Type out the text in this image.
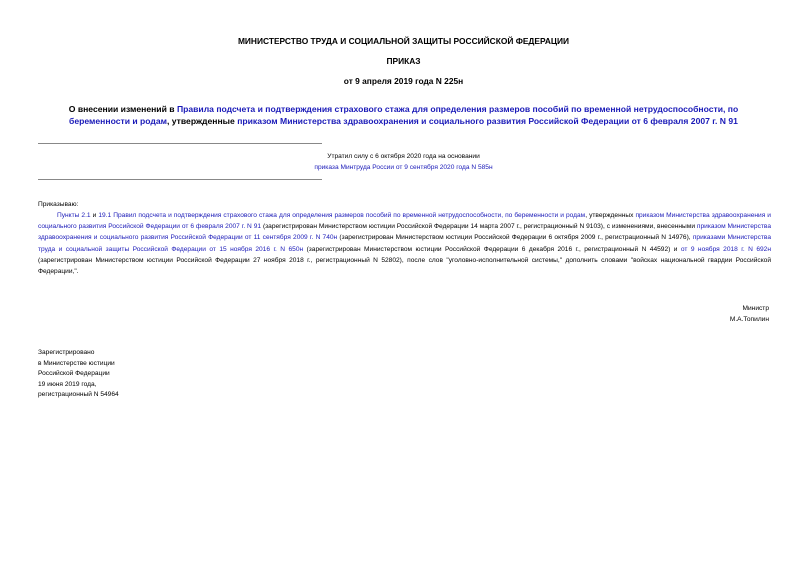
МИНИСТЕРСТВО ТРУДА И СОЦИАЛЬНОЙ ЗАЩИТЫ РОССИЙСКОЙ ФЕДЕРАЦИИ
ПРИКАЗ
от 9 апреля 2019 года N 225н
О внесении изменений в Правила подсчета и подтверждения страхового стажа для определения размеров пособий по временной нетрудоспособности, по беременности и родам, утвержденные приказом Министерства здравоохранения и социального развития Российской Федерации от 6 февраля 2007 г. N 91
Утратил силу с 6 октября 2020 года на основании
приказа Минтруда России от 9 сентября 2020 года N 585н
Приказываю:
Пункты 2.1 и 19.1 Правил подсчета и подтверждения страхового стажа для определения размеров пособий по временной нетрудоспособности, по беременности и родам, утвержденных приказом Министерства здравоохранения и социального развития Российской Федерации от 6 февраля 2007 г. N 91 (зарегистрирован Министерством юстиции Российской Федерации 14 марта 2007 г., регистрационный N 9103), с изменениями, внесенными приказом Министерства здравоохранения и социального развития Российской Федерации от 11 сентября 2009 г. N 740н (зарегистрирован Министерством юстиции Российской Федерации 6 октября 2009 г., регистрационный N 14976), приказами Министерства труда и социальной защиты Российской Федерации от 15 ноября 2016 г. N 650н (зарегистрирован Министерством юстиции Российской Федерации 6 декабря 2016 г., регистрационный N 44592) и от 9 ноября 2018 г. N 692н (зарегистрирован Министерством юстиции Российской Федерации 27 ноября 2018 г., регистрационный N 52802), после слов "уголовно-исполнительной системы," дополнить словами "войсках национальной гвардии Российской Федерации,".
Министр
М.А.Топилин
Зарегистрировано
в Министерстве юстиции
Российской Федерации
19 июня 2019 года,
регистрационный N 54964
